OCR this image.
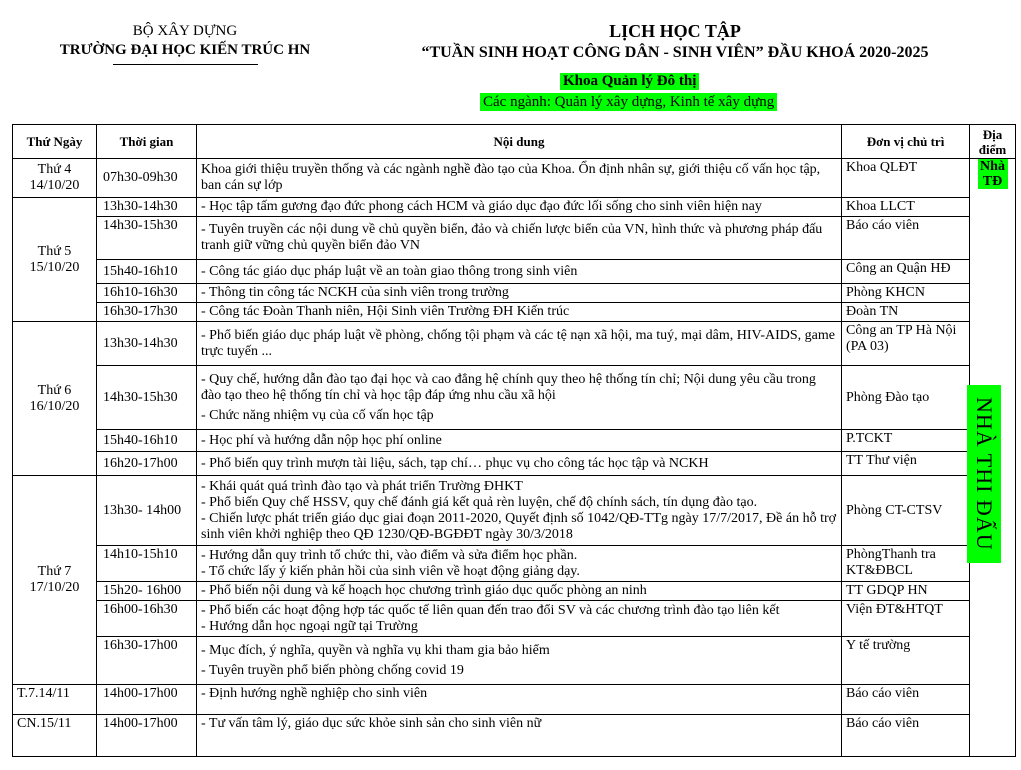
BỘ XÂY DỰNG
TRƯỜNG ĐẠI HỌC KIẾN TRÚC HN
LỊCH HỌC TẬP
“TUẦN SINH HOẠT CÔNG DÂN - SINH VIÊN” ĐẦU KHOÁ 2020-2025
Khoa Quản lý Đô thị
Các ngành: Quản lý xây dựng, Kinh tế xây dựng
Thứ Ngày	Thời gian	Nội dung	Đơn vị chủ trì	Địa điểm
Thứ 4 14/10/20	07h30-09h30	Khoa giới thiệu truyền thống và các ngành nghề đào tạo của Khoa. Ổn định nhân sự, giới thiệu cố vấn học tập, ban cán sự lớp	Khoa QLĐT	Nhà TĐ

Thứ 5 15/10/20	13h30-14h30	- Học tập tấm gương đạo đức phong cách HCM và giáo dục đạo đức lối sống cho sinh viên hiện nay	Khoa LLCT	
	14h30-15h30	- Tuyên truyền các nội dung về chủ quyền biển, đảo và chiến lược biển của VN, hình thức và phương pháp đấu tranh giữ vững chủ quyền biển đảo VN	Báo cáo viên	
	15h40-16h10	- Công tác giáo dục pháp luật về an toàn giao thông trong sinh viên	Công an Quận HĐ	
	16h10-16h30	- Thông tin công tác NCKH của sinh viên trong trường	Phòng KHCN	
	16h30-17h30	- Công tác Đoàn Thanh niên, Hội Sinh viên Trường ĐH Kiến trúc	Đoàn TN	
Thứ 6 16/10/20	13h30-14h30	- Phổ biến giáo dục pháp luật về phòng, chống tội phạm và các tệ nạn xã hội, ma tuý, mại dâm, HIV-AIDS, game trực tuyến ...	Công an TP Hà Nội (PA 03)	
	14h30-15h30	- Quy chế, hướng dẫn đào tạo đại học và cao đẳng hệ chính quy theo hệ thống tín chỉ; Nội dung yêu cầu trong đào tạo theo hệ thống tín chỉ và học tập đáp ứng nhu cầu xã hội
- Chức năng nhiệm vụ của cố vấn học tập	Phòng Đào tạo	
	15h40-16h10	- Học phí và hướng dẫn nộp học phí online	P.TCKT	
	16h20-17h00	- Phổ biến quy trình mượn tài liệu, sách, tạp chí… phục vụ cho công tác học tập và NCKH	TT Thư viện	
Thứ 7 17/10/20	13h30- 14h00	- Khái quát quá trình đào tạo và phát triển Trường ĐHKT
- Phổ biến Quy chế HSSV, quy chế đánh giá kết quả rèn luyện, chế độ chính sách, tín dụng đào tạo.
- Chiến lược phát triển giáo dục giai đoạn 2011-2020, Quyết định số 1042/QĐ-TTg ngày 17/7/2017, Đề án hỗ trợ sinh viên khởi nghiệp theo QĐ 1230/QĐ-BGĐĐT ngày 30/3/2018	Phòng CT-CTSV	
	14h10-15h10	- Hướng dẫn quy trình tổ chức thi, vào điểm và sửa điểm học phần.
- Tổ chức lấy ý kiến phản hồi của sinh viên về hoạt động giảng dạy.	PhòngThanh tra KT&ĐBCL	
	15h20- 16h00	- Phổ biến nội dung và kế hoạch học chương trình giáo dục quốc phòng an ninh	TT GDQP HN	
	16h00-16h30	- Phổ biến các hoạt động hợp tác quốc tế liên quan đến trao đổi SV và các chương trình đào tạo liên kết
- Hướng dẫn học ngoại ngữ tại Trường	Viện ĐT&HTQT	
	16h30-17h00	- Mục đích, ý nghĩa, quyền và nghĩa vụ khi tham gia bảo hiểm
- Tuyên truyền phổ biến phòng chống covid 19	Y tế trường	
T.7.14/11	14h00-17h00	- Định hướng nghề nghiệp cho sinh viên	Báo cáo viên	
CN.15/11	14h00-17h00	- Tư vấn tâm lý, giáo dục sức khỏe sinh sản cho sinh viên nữ	Báo cáo viên	
NHÀ THI ĐẤU
